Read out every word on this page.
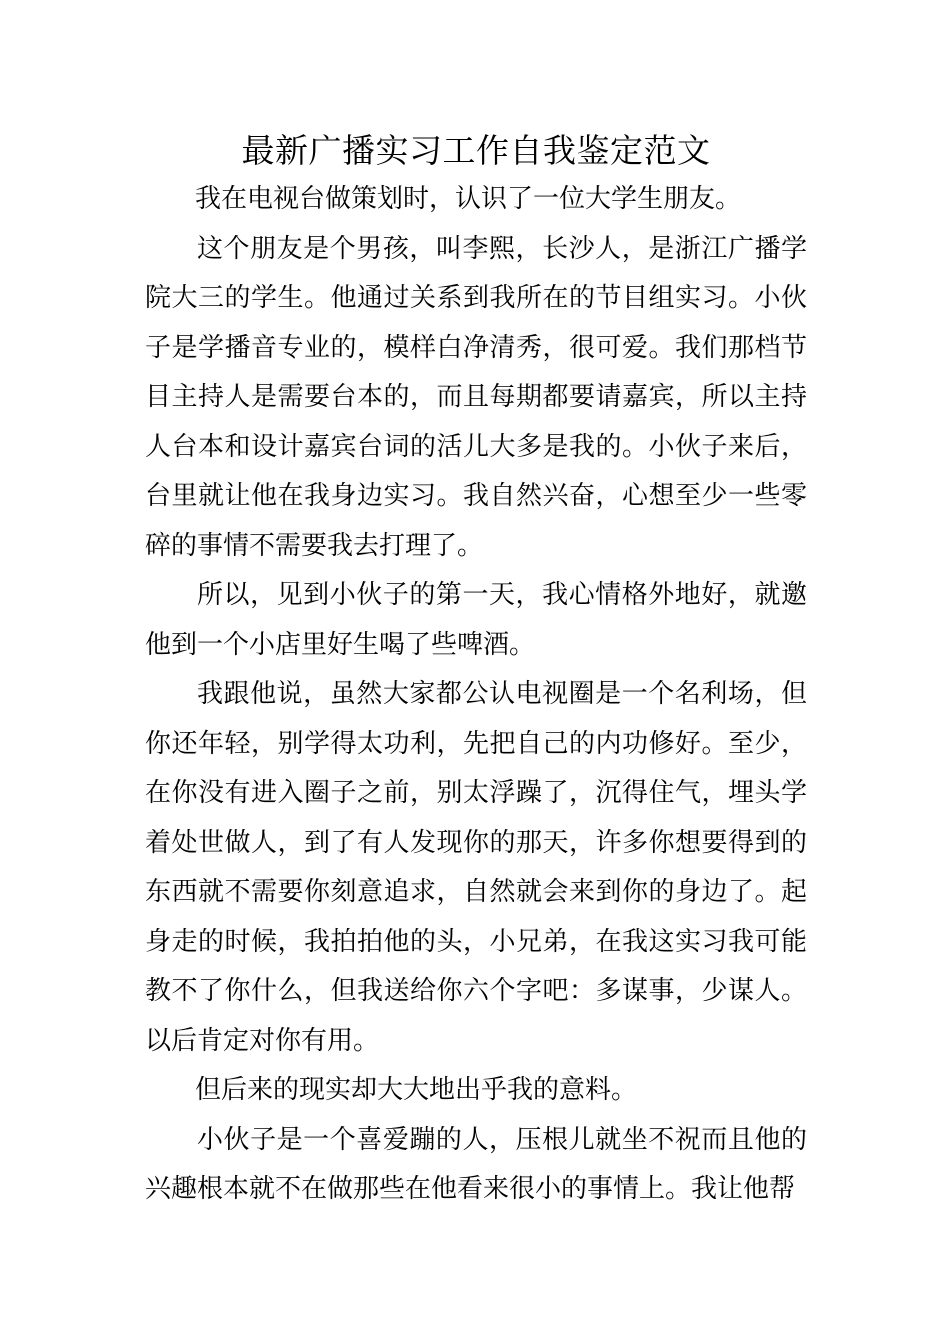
最新广播实习工作自我鉴定范文

我在电视台做策划时，认识了一位大学生朋友。

这个朋友是个男孩，叫李熙，长沙人，是浙江广播学院大三的学生。他通过关系到我所在的节目组实习。小伙子是学播音专业的，模样白净清秀，很可爱。我们那档节目主持人是需要台本的，而且每期都要请嘉宾，所以主持人台本和设计嘉宾台词的活儿大多是我的。小伙子来后，台里就让他在我身边实习。我自然兴奋，心想至少一些零碎的事情不需要我去打理了。

所以，见到小伙子的第一天，我心情格外地好，就邀他到一个小店里好生喝了些啤酒。

我跟他说，虽然大家都公认电视圈是一个名利场，但你还年轻，别学得太功利，先把自己的内功修好。至少，在你没有进入圈子之前，别太浮躁了，沉得住气，埋头学着处世做人，到了有人发现你的那天，许多你想要得到的东西就不需要你刻意追求，自然就会来到你的身边了。起身走的时候，我拍拍他的头，小兄弟，在我这实习我可能教不了你什么，但我送给你六个字吧：多谋事，少谋人。以后肯定对你有用。

但后来的现实却大大地出乎我的意料。

小伙子是一个喜爱蹦的人，压根儿就坐不祝而且他的兴趣根本就不在做那些在他看来很小的事情上。我让他帮
